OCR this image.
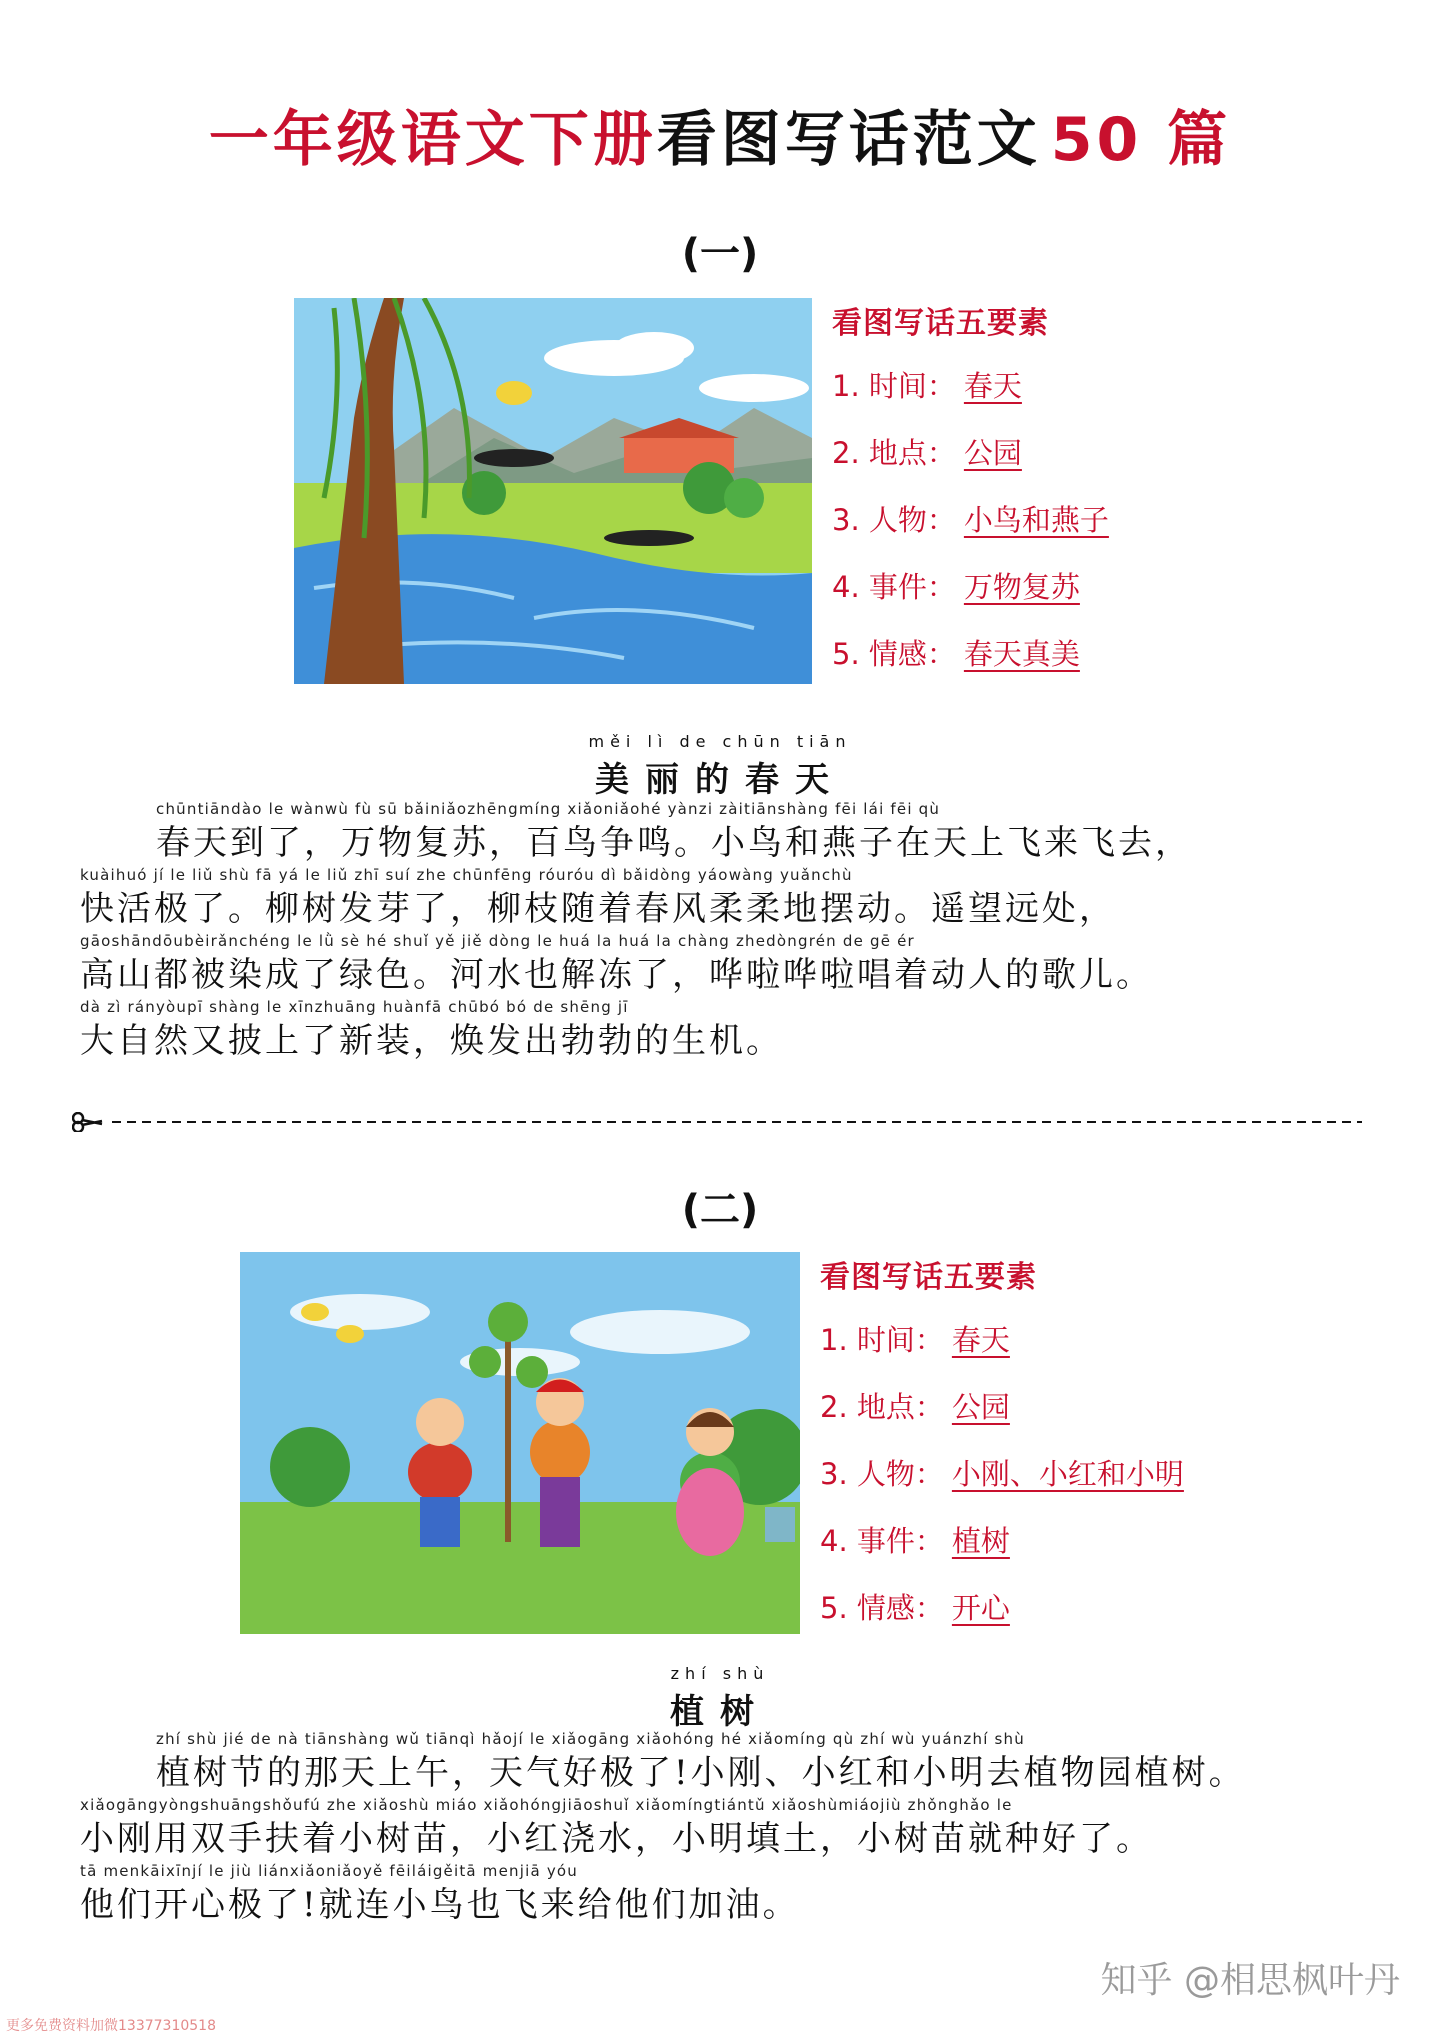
一年级语文下册看图写话范文 50 篇
(一)
看图写话五要素
1. 时间： 春天
2. 地点： 公园
3. 人物： 小鸟和燕子
4. 事件： 万物复苏
5. 情感： 春天真美
měi lì de chūn tiān
美丽的春天
chūntiāndào le wànwù fù sū bǎiniǎozhēngmíng xiǎoniǎohé yànzi zàitiānshàng fēi lái fēi qù
春天到了，万物复苏，百鸟争鸣。小鸟和燕子在天上飞来飞去，
kuàihuó jí le liǔ shù fā yá le liǔ zhī suí zhe chūnfēng róuróu dì bǎidòng yáowàng yuǎnchù
快活极了。柳树发芽了，柳枝随着春风柔柔地摆动。遥望远处，
gāoshāndōubèirǎnchéng le lǜ sè hé shuǐ yě jiě dòng le huá la huá la chàng zhedòngrén de gē ér
高山都被染成了绿色。河水也解冻了，哗啦哗啦唱着动人的歌儿。
dà zì rányòupī shàng le xīnzhuāng huànfā chūbó bó de shēng jī
大自然又披上了新装，焕发出勃勃的生机。
(二)
看图写话五要素
1. 时间： 春天
2. 地点： 公园
3. 人物： 小刚、小红和小明
4. 事件： 植树
5. 情感： 开心
zhí shù
植树
zhí shù jié de nà tiānshàng wǔ tiānqì hǎojí le xiǎogāng xiǎohóng hé xiǎomíng qù zhí wù yuánzhí shù
植树节的那天上午，天气好极了!小刚、小红和小明去植物园植树。
xiǎogāngyòngshuāngshǒufú zhe xiǎoshù miáo xiǎohóngjiāoshuǐ xiǎomíngtiántǔ xiǎoshùmiáojiù zhǒnghǎo le
小刚用双手扶着小树苗，小红浇水，小明填土，小树苗就种好了。
tā menkāixīnjí le jiù liánxiǎoniǎoyě fēiláigěitā menjiā yóu
他们开心极了!就连小鸟也飞来给他们加油。
知乎 @相思枫叶丹
更多免费资料加微13377310518
